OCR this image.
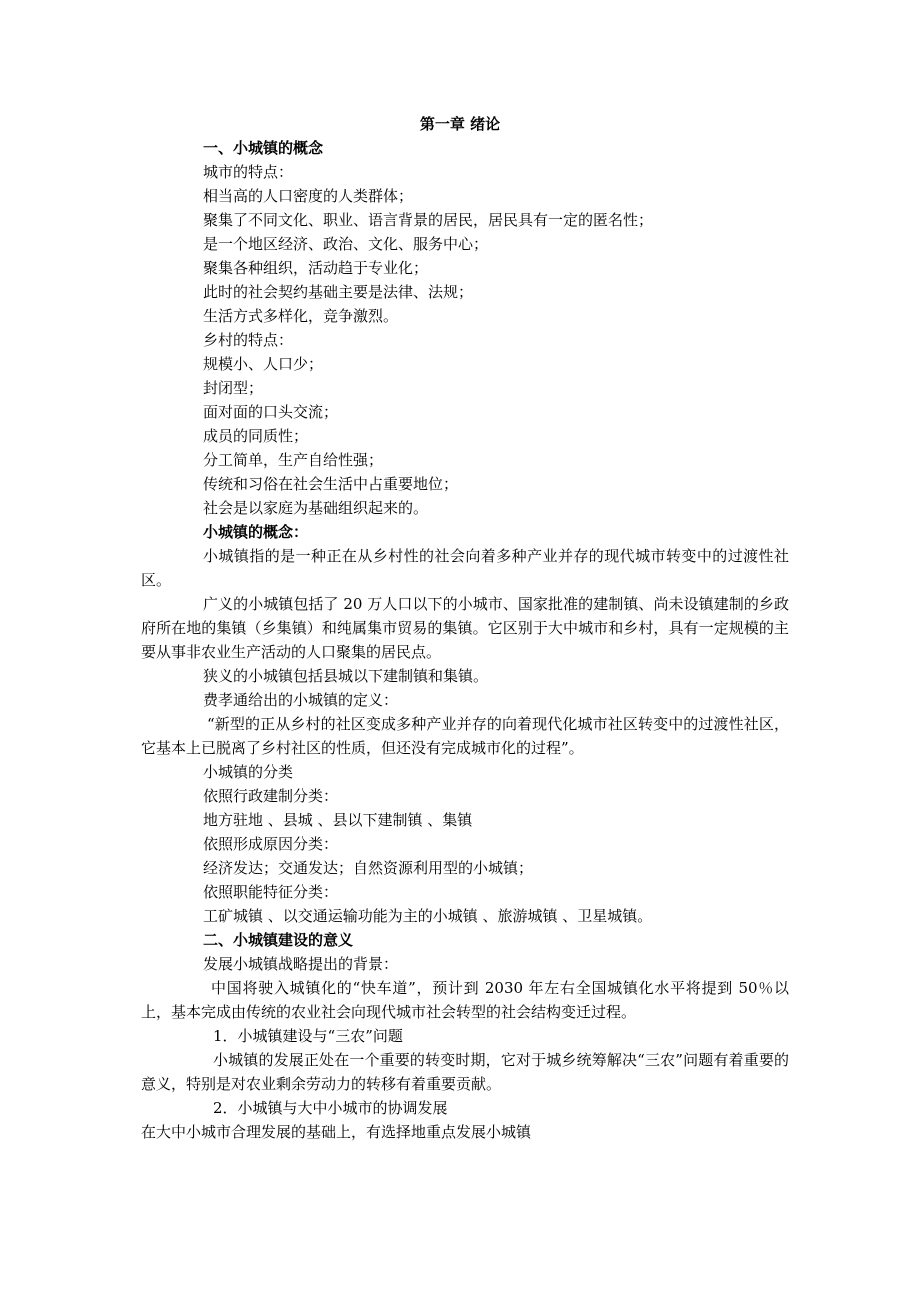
第一章 绪论

一、小城镇的概念

城市的特点：

相当高的人口密度的人类群体；

聚集了不同文化、职业、语言背景的居民，居民具有一定的匿名性；

是一个地区经济、政治、文化、服务中心；

聚集各种组织，活动趋于专业化；

此时的社会契约基础主要是法律、法规；

生活方式多样化，竞争激烈。

乡村的特点：

规模小、人口少；

封闭型；

面对面的口头交流；

成员的同质性；

分工简单，生产自给性强；

传统和习俗在社会生活中占重要地位；

社会是以家庭为基础组织起来的。

小城镇的概念：

小城镇指的是一种正在从乡村性的社会向着多种产业并存的现代城市转变中的过渡性社区。

广义的小城镇包括了 20 万人口以下的小城市、国家批准的建制镇、尚未设镇建制的乡政府所在地的集镇（乡集镇）和纯属集市贸易的集镇。它区别于大中城市和乡村，具有一定规模的主要从事非农业生产活动的人口聚集的居民点。

狭义的小城镇包括县城以下建制镇和集镇。

费孝通给出的小城镇的定义：

“新型的正从乡村的社区变成多种产业并存的向着现代化城市社区转变中的过渡性社区，它基本上已脱离了乡村社区的性质，但还没有完成城市化的过程”。

小城镇的分类

依照行政建制分类：

地方驻地 、县城 、县以下建制镇 、集镇

依照形成原因分类：

经济发达；交通发达；自然资源利用型的小城镇；

依照职能特征分类：

工矿城镇 、以交通运输功能为主的小城镇 、旅游城镇 、卫星城镇。

二、小城镇建设的意义

发展小城镇战略提出的背景：

中国将驶入城镇化的“快车道”，预计到 2030 年左右全国城镇化水平将提到 50％以上，基本完成由传统的农业社会向现代城市社会转型的社会结构变迁过程。

1．小城镇建设与“三农”问题

小城镇的发展正处在一个重要的转变时期，它对于城乡统筹解决“三农”问题有着重要的意义，特别是对农业剩余劳动力的转移有着重要贡献。

2．小城镇与大中小城市的协调发展

在大中小城市合理发展的基础上，有选择地重点发展小城镇
